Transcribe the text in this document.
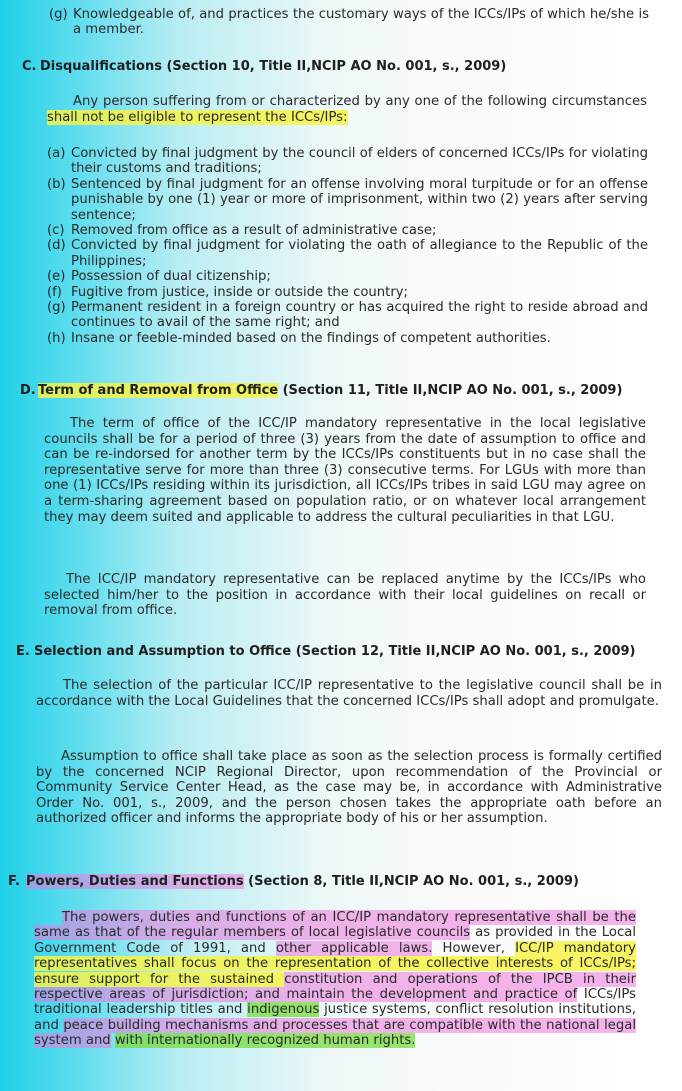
(g) Knowledgeable of, and practices the customary ways of the ICCs/IPs of which he/she is a member.
C. Disqualifications (Section 10, Title II,NCIP AO No. 001, s., 2009)

Any person suffering from or characterized by any one of the following circumstances shall not be eligible to represent the ICCs/IPs:

(a) Convicted by final judgment by the council of elders of concerned ICCs/IPs for violating their customs and traditions;
(b) Sentenced by final judgment for an offense involving moral turpitude or for an offense punishable by one (1) year or more of imprisonment, within two (2) years after serving sentence;
(c) Removed from office as a result of administrative case;
(d) Convicted by final judgment for violating the oath of allegiance to the Republic of the Philippines;
(e) Possession of dual citizenship;
(f) Fugitive from justice, inside or outside the country;
(g) Permanent resident in a foreign country or has acquired the right to reside abroad and continues to avail of the same right; and
(h) Insane or feeble-minded based on the findings of competent authorities.
D. Term of and Removal from Office (Section 11, Title II,NCIP AO No. 001, s., 2009)

The term of office of the ICC/IP mandatory representative in the local legislative councils shall be for a period of three (3) years from the date of assumption to office and can be re-indorsed for another term by the ICCs/IPs constituents but in no case shall the representative serve for more than three (3) consecutive terms. For LGUs with more than one (1) ICCs/IPs residing within its jurisdiction, all ICCs/IPs tribes in said LGU may agree on a term-sharing agreement based on population ratio, or on whatever local arrangement they may deem suited and applicable to address the cultural peculiarities in that LGU.

The ICC/IP mandatory representative can be replaced anytime by the ICCs/IPs who selected him/her to the position in accordance with their local guidelines on recall or removal from office.

E. Selection and Assumption to Office (Section 12, Title II,NCIP AO No. 001, s., 2009)

The selection of the particular ICC/IP representative to the legislative council shall be in accordance with the Local Guidelines that the concerned ICCs/IPs shall adopt and promulgate.

Assumption to office shall take place as soon as the selection process is formally certified by the concerned NCIP Regional Director, upon recommendation of the Provincial or Community Service Center Head, as the case may be, in accordance with Administrative Order No. 001, s., 2009, and the person chosen takes the appropriate oath before an authorized officer and informs the appropriate body of his or her assumption.

F. Powers, Duties and Functions (Section 8, Title II,NCIP AO No. 001, s., 2009)

The powers, duties and functions of an ICC/IP mandatory representative shall be the same as that of the regular members of local legislative councils as provided in the Local Government Code of 1991, and other applicable laws. However, ICC/IP mandatory representatives shall focus on the representation of the collective interests of ICCs/IPs; ensure support for the sustained constitution and operations of the IPCB in their respective areas of jurisdiction; and maintain the development and practice of ICCs/IPs traditional leadership titles and indigenous justice systems, conflict resolution institutions, and peace building mechanisms and processes that are compatible with the national legal system and with internationally recognized human rights.
